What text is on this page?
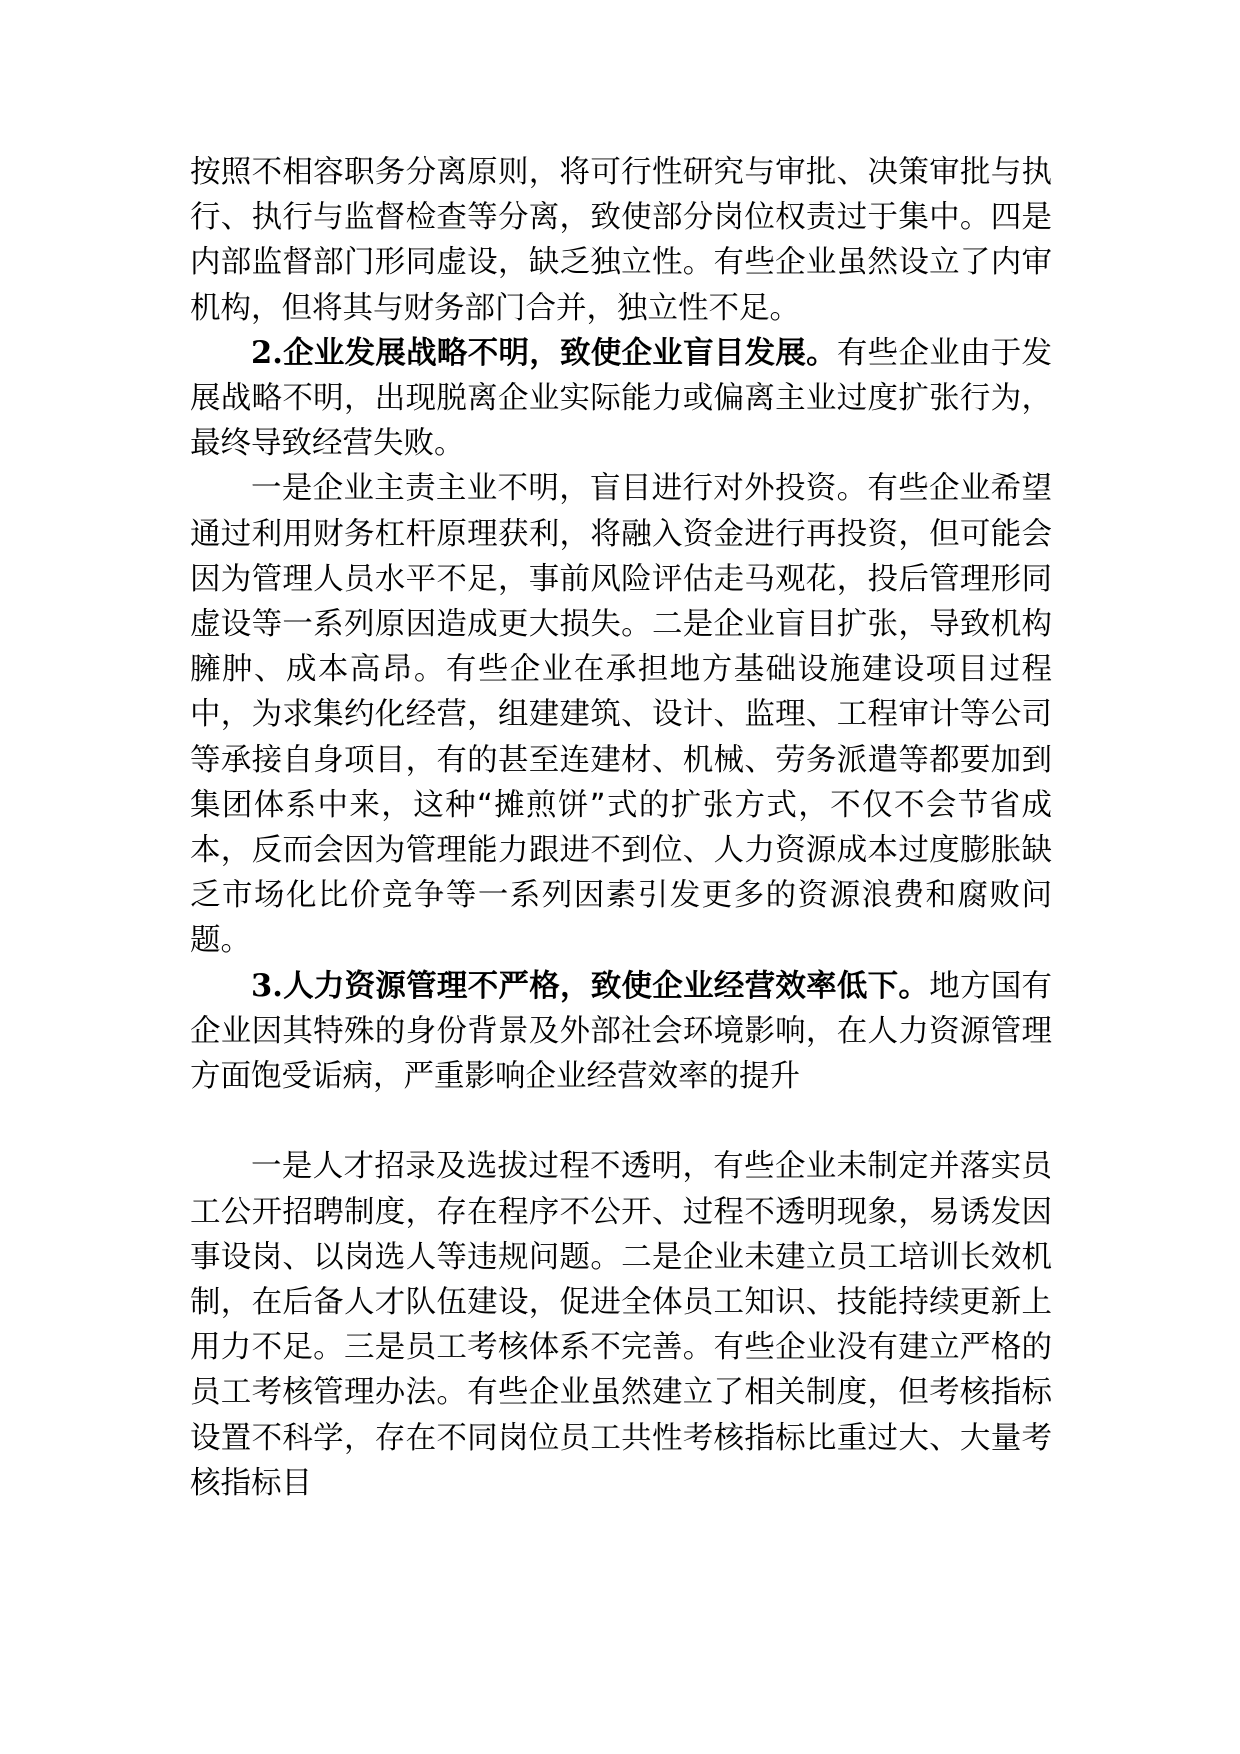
按照不相容职务分离原则，将可行性研究与审批、决策审批与执行、执行与监督检查等分离，致使部分岗位权责过于集中。四是内部监督部门形同虚设，缺乏独立性。有些企业虽然设立了内审机构，但将其与财务部门合并，独立性不足。

2.企业发展战略不明，致使企业盲目发展。有些企业由于发展战略不明，出现脱离企业实际能力或偏离主业过度扩张行为，最终导致经营失败。

一是企业主责主业不明，盲目进行对外投资。有些企业希望通过利用财务杠杆原理获利，将融入资金进行再投资，但可能会因为管理人员水平不足，事前风险评估走马观花，投后管理形同虚设等一系列原因造成更大损失。二是企业盲目扩张，导致机构臃肿、成本高昂。有些企业在承担地方基础设施建设项目过程中，为求集约化经营，组建建筑、设计、监理、工程审计等公司等承接自身项目，有的甚至连建材、机械、劳务派遣等都要加到集团体系中来，这种“摊煎饼”式的扩张方式，不仅不会节省成本，反而会因为管理能力跟进不到位、人力资源成本过度膨胀缺乏市场化比价竞争等一系列因素引发更多的资源浪费和腐败问题。

3.人力资源管理不严格，致使企业经营效率低下。地方国有企业因其特殊的身份背景及外部社会环境影响，在人力资源管理方面饱受诟病，严重影响企业经营效率的提升

一是人才招录及选拔过程不透明，有些企业未制定并落实员工公开招聘制度，存在程序不公开、过程不透明现象，易诱发因事设岗、以岗选人等违规问题。二是企业未建立员工培训长效机制，在后备人才队伍建设，促进全体员工知识、技能持续更新上用力不足。三是员工考核体系不完善。有些企业没有建立严格的员工考核管理办法。有些企业虽然建立了相关制度，但考核指标设置不科学，存在不同岗位员工共性考核指标比重过大、大量考核指标目
